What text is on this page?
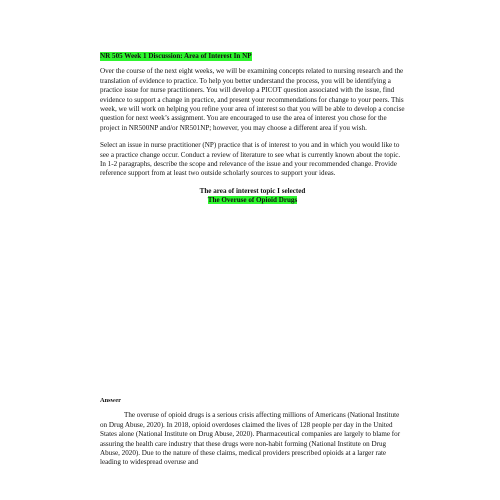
NR 505 Week 1 Discussion: Area of Interest In NP

Over the course of the next eight weeks, we will be examining concepts related to nursing research and the translation of evidence to practice. To help you better understand the process, you will be identifying a practice issue for nurse practitioners. You will develop a PICOT question associated with the issue, find evidence to support a change in practice, and present your recommendations for change to your peers. This week, we will work on helping you refine your area of interest so that you will be able to develop a concise question for next week’s assignment. You are encouraged to use the area of interest you chose for the project in NR500NP and/or NR501NP; however, you may choose a different area if you wish.

Select an issue in nurse practitioner (NP) practice that is of interest to you and in which you would like to see a practice change occur. Conduct a review of literature to see what is currently known about the topic. In 1-2 paragraphs, describe the scope and relevance of the issue and your recommended change. Provide reference support from at least two outside scholarly sources to support your ideas.

The area of interest topic I selected

The Overuse of Opioid Drugs

Answer

The overuse of opioid drugs is a serious crisis affecting millions of Americans (National Institute on Drug Abuse, 2020). In 2018, opioid overdoses claimed the lives of 128 people per day in the United States alone (National Institute on Drug Abuse, 2020). Pharmaceutical companies are largely to blame for assuring the health care industry that these drugs were non-habit forming (National Institute on Drug Abuse, 2020). Due to the nature of these claims, medical providers prescribed opioids at a larger rate leading to widespread overuse and
